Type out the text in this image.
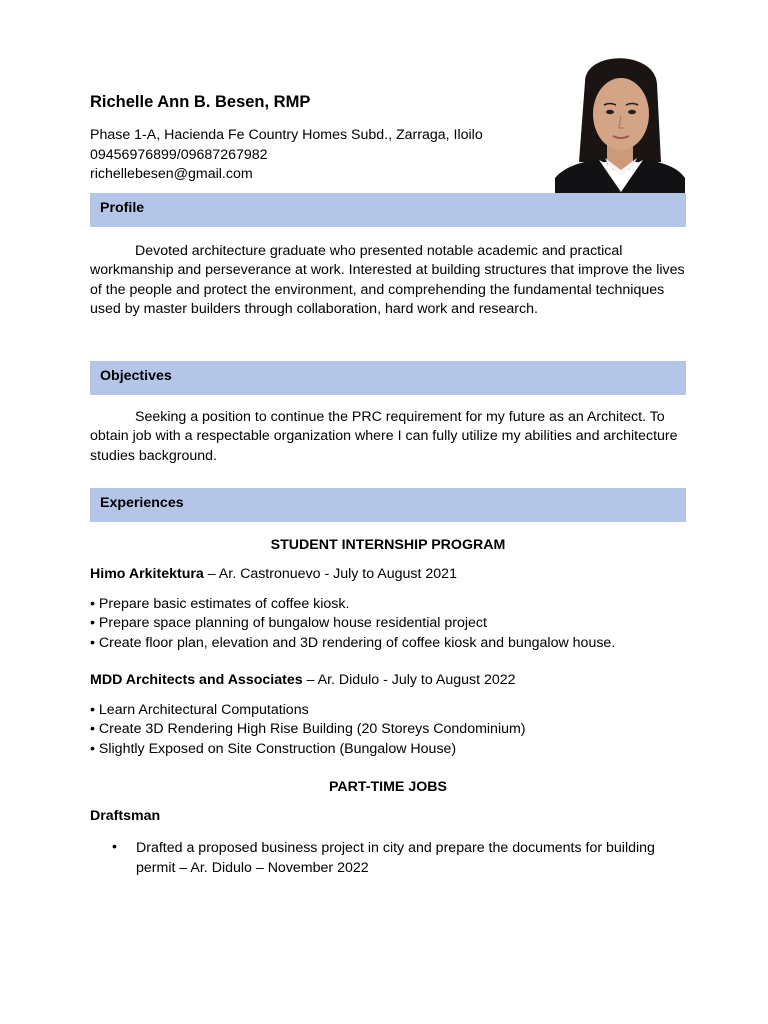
Richelle Ann B. Besen, RMP
Phase 1-A, Hacienda Fe Country Homes Subd., Zarraga, Iloilo
09456976899/09687267982
richellebesen@gmail.com
Profile

Devoted architecture graduate who presented notable academic and practical workmanship and perseverance at work. Interested at building structures that improve the lives of the people and protect the environment, and comprehending the fundamental techniques used by master builders through collaboration, hard work and research.

Objectives

Seeking a position to continue the PRC requirement for my future as an Architect. To obtain job with a respectable organization where I can fully utilize my abilities and architecture studies background.

Experiences
STUDENT INTERNSHIP PROGRAM

Himo Arkitektura – Ar. Castronuevo - July to August 2021

• Prepare basic estimates of coffee kiosk.
• Prepare space planning of bungalow house residential project
• Create floor plan, elevation and 3D rendering of coffee kiosk and bungalow house.

MDD Architects and Associates – Ar. Didulo - July to August 2022

• Learn Architectural Computations
• Create 3D Rendering High Rise Building (20 Storeys Condominium)
• Slightly Exposed on Site Construction (Bungalow House)
PART-TIME JOBS

Draftsman

• Drafted a proposed business project in city and prepare the documents for building permit – Ar. Didulo – November 2022
